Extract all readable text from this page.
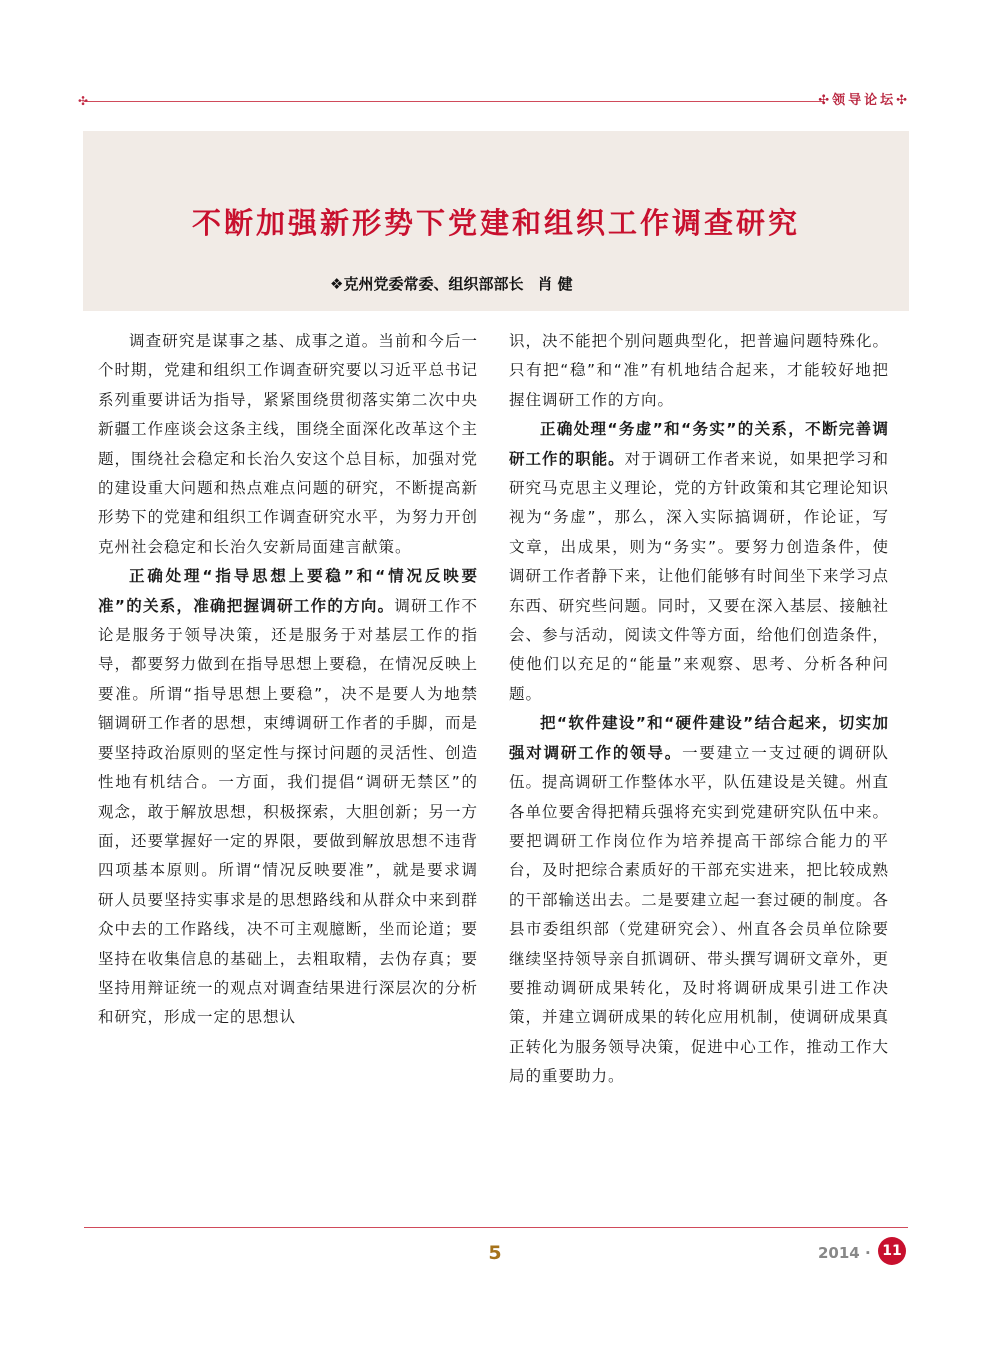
✣	✣领导论坛✣
不断加强新形势下党建和组织工作调查研究
❖克州党委常委、组织部部长 肖 健

调查研究是谋事之基、成事之道。当前和今后一个时期，党建和组织工作调查研究要以习近平总书记系列重要讲话为指导，紧紧围绕贯彻落实第二次中央新疆工作座谈会这条主线，围绕全面深化改革这个主题，围绕社会稳定和长治久安这个总目标，加强对党的建设重大问题和热点难点问题的研究，不断提高新形势下的党建和组织工作调查研究水平，为努力开创克州社会稳定和长治久安新局面建言献策。

正确处理“指导思想上要稳”和“情况反映要准”的关系，准确把握调研工作的方向。调研工作不论是服务于领导决策，还是服务于对基层工作的指导，都要努力做到在指导思想上要稳，在情况反映上要准。所谓“指导思想上要稳”，决不是要人为地禁锢调研工作者的思想，束缚调研工作者的手脚，而是要坚持政治原则的坚定性与探讨问题的灵活性、创造性地有机结合。一方面，我们提倡“调研无禁区”的观念，敢于解放思想，积极探索，大胆创新；另一方面，还要掌握好一定的界限，要做到解放思想不违背四项基本原则。所谓“情况反映要准”，就是要求调研人员要坚持实事求是的思想路线和从群众中来到群众中去的工作路线，决不可主观臆断，坐而论道；要坚持在收集信息的基础上，去粗取精，去伪存真；要坚持用辩证统一的观点对调查结果进行深层次的分析和研究，形成一定的思想认

识，决不能把个别问题典型化，把普遍问题特殊化。只有把“稳”和“准”有机地结合起来，才能较好地把握住调研工作的方向。

正确处理“务虚”和“务实”的关系，不断完善调研工作的职能。对于调研工作者来说，如果把学习和研究马克思主义理论，党的方针政策和其它理论知识视为“务虚”，那么，深入实际搞调研，作论证，写文章，出成果，则为“务实”。要努力创造条件，使调研工作者静下来，让他们能够有时间坐下来学习点东西、研究些问题。同时，又要在深入基层、接触社会、参与活动，阅读文件等方面，给他们创造条件，使他们以充足的“能量”来观察、思考、分析各种问题。

把“软件建设”和“硬件建设”结合起来，切实加强对调研工作的领导。一要建立一支过硬的调研队伍。提高调研工作整体水平，队伍建设是关键。州直各单位要舍得把精兵强将充实到党建研究队伍中来。要把调研工作岗位作为培养提高干部综合能力的平台，及时把综合素质好的干部充实进来，把比较成熟的干部输送出去。二是要建立起一套过硬的制度。各县市委组织部（党建研究会）、州直各会员单位除要继续坚持领导亲自抓调研、带头撰写调研文章外，更要推动调研成果转化，及时将调研成果引进工作决策，并建立调研成果的转化应用机制，使调研成果真正转化为服务领导决策，促进中心工作，推动工作大局的重要助力。

5	2014 · 11
